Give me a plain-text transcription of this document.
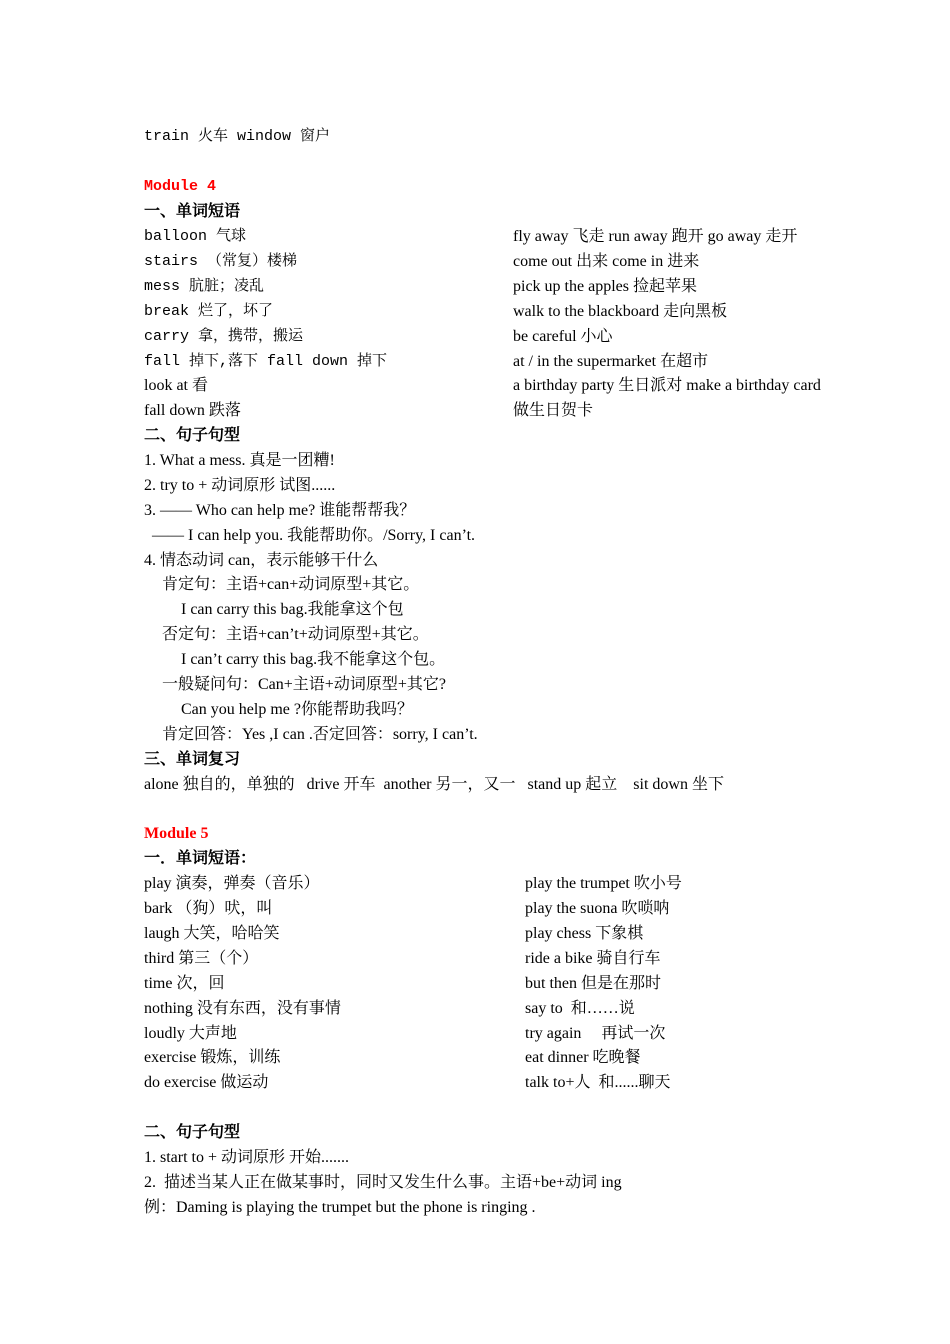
train 火车 window 窗户
Module 4
一、单词短语
balloon 气球
stairs （常复）楼梯
mess 肮脏；凌乱
break 烂了，坏了
carry 拿，携带，搬运
fall 掉下,落下 fall down 掉下
look at 看
fall down 跌落
fly away 飞走 run away 跑开 go away 走开
come out 出来 come in 进来
pick up the apples 捡起苹果
walk to the blackboard 走向黑板
be careful 小心
at / in the supermarket 在超市
a birthday party 生日派对 make a birthday card
做生日贺卡
二、句子句型
1. What a mess. 真是一团糟!
2. try to + 动词原形 试图......
3. —— Who can help me? 谁能帮帮我？
—— I can help you. 我能帮助你。/Sorry, I can’t.
4. 情态动词 can，表示能够干什么
肯定句：主语+can+动词原型+其它。
I can carry this bag.我能拿这个包
否定句：主语+can’t+动词原型+其它。
I can’t carry this bag.我不能拿这个包。
一般疑问句：Can+主语+动词原型+其它?
Can you help me ?你能帮助我吗？
肯定回答：Yes ,I can .否定回答：sorry, I can’t.
三、单词复习
alone 独自的，单独的   drive 开车  another 另一，又一   stand up 起立    sit down 坐下
Module 5
一．单词短语：
play 演奏，弹奏（音乐）
bark （狗）吠，叫
laugh 大笑，哈哈笑
third 第三（个）
time 次，回
nothing 没有东西，没有事情
loudly 大声地
exercise 锻炼，训练
do exercise 做运动
play the trumpet 吹小号
play the suona 吹唢呐
play chess 下象棋
ride a bike 骑自行车
but then 但是在那时
say to  和……说
try again     再试一次
eat dinner 吃晚餐
talk to+人  和......聊天
二、句子句型
1. start to + 动词原形 开始.......
2.  描述当某人正在做某事时，同时又发生什么事。主语+be+动词 ing
例：Daming is playing the trumpet but the phone is ringing .
